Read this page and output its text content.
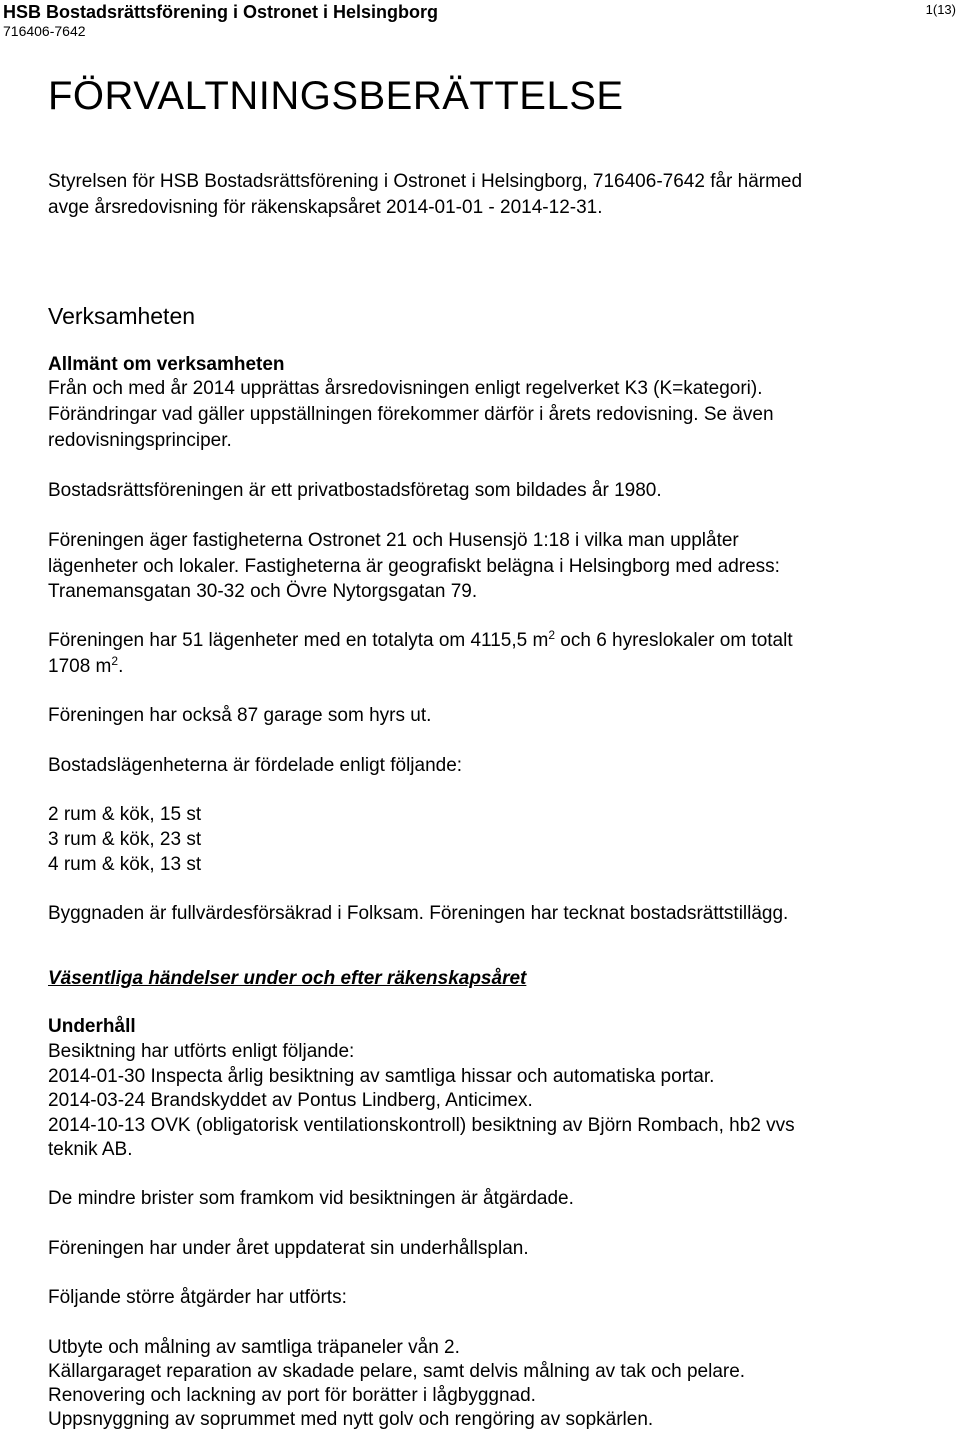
HSB Bostadsrättsförening i Ostronet i Helsingborg
716406-7642
1(13)
FÖRVALTNINGSBERÄTTELSE
Styrelsen för HSB Bostadsrättsförening i Ostronet i Helsingborg, 716406-7642 får härmed
avge årsredovisning för räkenskapsåret 2014-01-01 - 2014-12-31.
Verksamheten
Allmänt om verksamheten
Från och med år 2014 upprättas årsredovisningen enligt regelverket K3 (K=kategori).
Förändringar vad gäller uppställningen förekommer därför i årets redovisning. Se även
redovisningsprinciper.
Bostadsrättsföreningen är ett privatbostadsföretag som bildades år 1980.
Föreningen äger fastigheterna Ostronet 21 och Husensjö 1:18 i vilka man upplåter
lägenheter och lokaler. Fastigheterna är geografiskt belägna i Helsingborg med adress:
Tranemansgatan 30-32 och Övre Nytorgsgatan 79.
Föreningen har 51 lägenheter med en totalyta om 4115,5 $m^2$ och 6 hyreslokaler om totalt
1708 $m^2$.
Föreningen har också 87 garage som hyrs ut.
Bostadslägenheterna är fördelade enligt följande:
2 rum & kök, 15 st
3 rum & kök, 23 st
4 rum & kök, 13 st
Byggnaden är fullvärdesförsäkrad i Folksam. Föreningen har tecknat bostadsrättstillägg.
Väsentliga händelser under och efter räkenskapsåret
Underhåll
Besiktning har utförts enligt följande:
2014-01-30 Inspecta årlig besiktning av samtliga hissar och automatiska portar.
2014-03-24 Brandskyddet av Pontus Lindberg, Anticimex.
2014-10-13 OVK (obligatorisk ventilationskontroll) besiktning av Björn Rombach, hb2 vvs
teknik AB.
De mindre brister som framkom vid besiktningen är åtgärdade.
Föreningen har under året uppdaterat sin underhållsplan.
Följande större åtgärder har utförts:
Utbyte och målning av samtliga träpaneler vån 2.
Källargaraget reparation av skadade pelare, samt delvis målning av tak och pelare.
Renovering och lackning av port för borätter i lågbyggnad.
Uppsnyggning av soprummet med nytt golv och rengöring av sopkärlen.
